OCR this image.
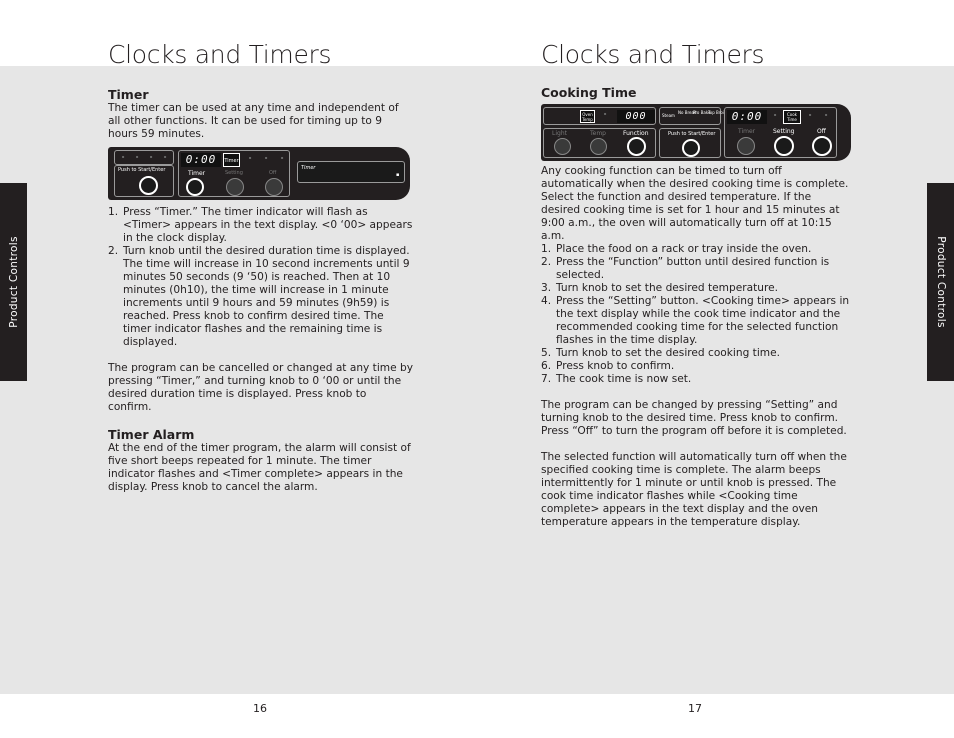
Clocks and Timers
Product Controls
Timer

The timer can be used at any time and independent of all other functions. It can be used for timing up to 9 hours 59 minutes.

▪	▪	▪	▪
Push to Start/Enter
0:00	Timer
▪	▪	▪
Timer	Setting	Off
Timer
▪
1. Press “Timer.” The timer indicator will flash as <Timer> appears in the text display. <0 ‘00> appears in the clock display.
2. Turn knob until the desired duration time is displayed. The time will increase in 10 second increments until 9 minutes 50 seconds (9 ‘50) is reached. Then at 10 minutes (0h10), the time will increase in 1 minute increments until 9 hours and 59 minutes (9h59) is reached. Press knob to confirm desired time. The timer indicator flashes and the remaining time is displayed.

The program can be cancelled or changed at any time by pressing “Timer,” and turning knob to 0 ‘00 or until the desired duration time is displayed. Press knob to confirm.

Timer Alarm

At the end of the timer program, the alarm will consist of five short beeps repeated for 1 minute. The timer indicator flashes and <Timer complete> appears in the display. Press knob to cancel the alarm.

16
Clocks and Timers
Product Controls
Cooking Time
Oven Temp
▪	000
Light	Temp	Function
Steam
No Bread
Pro Bake
Top Broil
Push to Start/Enter
0:00	▪	Cook Time
▪	▪
Timer	Setting	Off

Any cooking function can be timed to turn off automatically when the desired cooking time is complete. Select the function and desired temperature. If the desired cooking time is set for 1 hour and 15 minutes at 9:00 a.m., the oven will automatically turn off at 10:15 a.m.

1. Place the food on a rack or tray inside the oven.
2. Press the “Function” button until desired function is selected.
3. Turn knob to set the desired temperature.
4. Press the “Setting” button. <Cooking time> appears in the text display while the cook time indicator and the recommended cooking time for the selected function flashes in the time display.
5. Turn knob to set the desired cooking time.
6. Press knob to confirm.
7. The cook time is now set.

The program can be changed by pressing “Setting” and turning knob to the desired time. Press knob to confirm. Press “Off” to turn the program off before it is completed.

The selected function will automatically turn off when the specified cooking time is complete. The alarm beeps intermittently for 1 minute or until knob is pressed. The cook time indicator flashes while <Cooking time complete> appears in the text display and the oven temperature appears in the temperature display.

17
